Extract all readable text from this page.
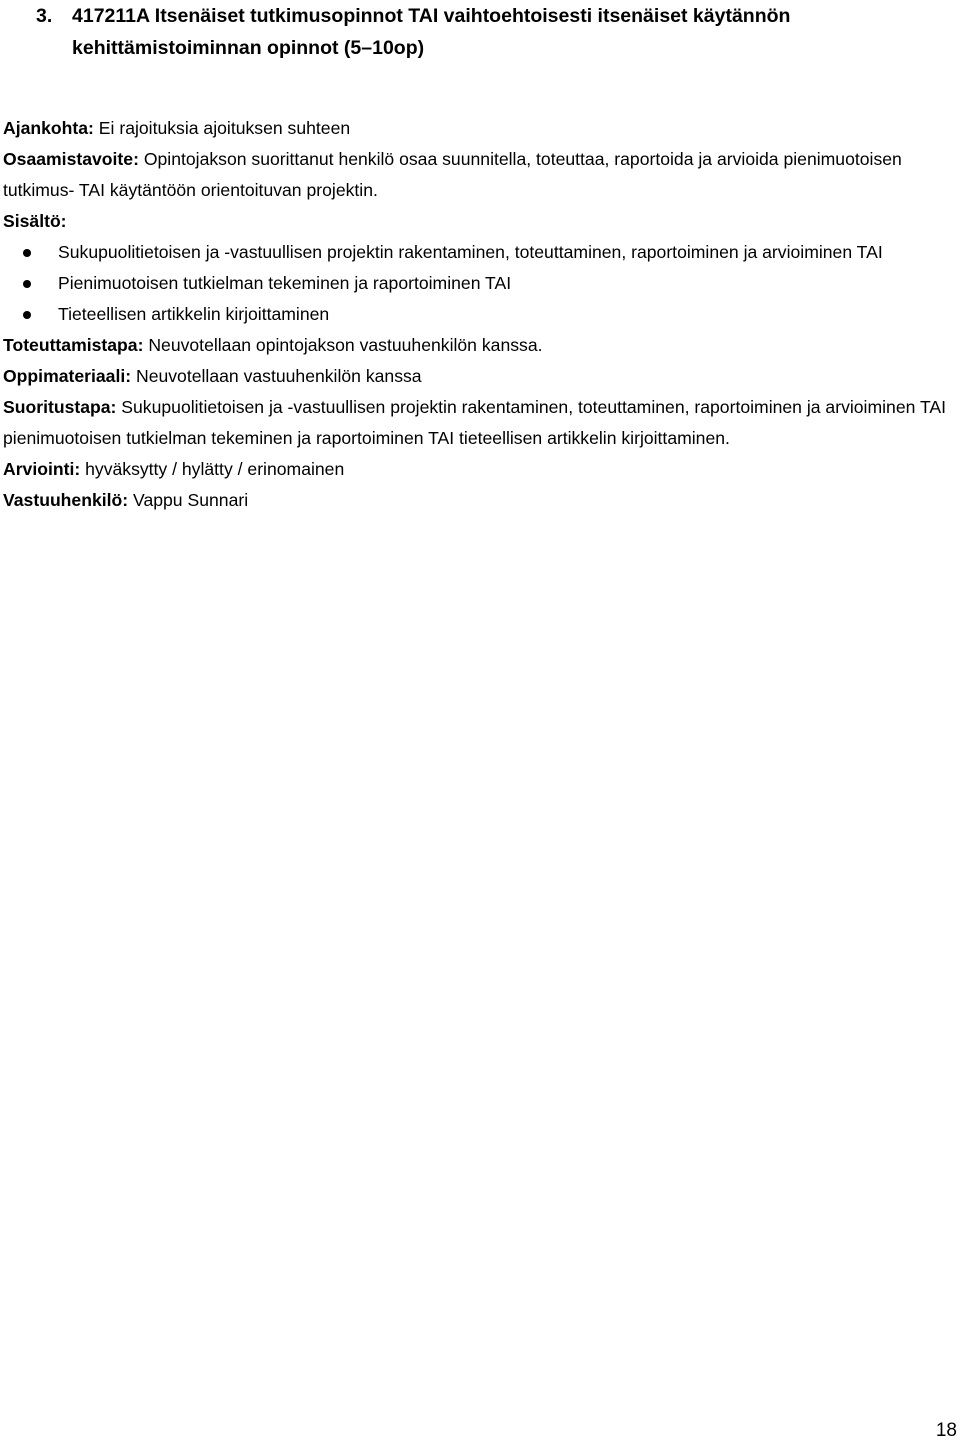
3. 417211A Itsenäiset tutkimusopinnot TAI vaihtoehtoisesti itsenäiset käytännön kehittämistoiminnan opinnot (5–10op)

Ajankohta: Ei rajoituksia ajoituksen suhteen

Osaamistavoite: Opintojakson suorittanut henkilö osaa suunnitella, toteuttaa, raportoida ja arvioida pienimuotoisen tutkimus- TAI käytäntöön orientoituvan projektin.

Sisältö:

Sukupuolitietoisen ja -vastuullisen projektin rakentaminen, toteuttaminen, raportoiminen ja arvioiminen TAI
Pienimuotoisen tutkielman tekeminen ja raportoiminen TAI
Tieteellisen artikkelin kirjoittaminen

Toteuttamistapa: Neuvotellaan opintojakson vastuuhenkilön kanssa.

Oppimateriaali: Neuvotellaan vastuuhenkilön kanssa

Suoritustapa: Sukupuolitietoisen ja -vastuullisen projektin rakentaminen, toteuttaminen, raportoiminen ja arvioiminen TAI pienimuotoisen tutkielman tekeminen ja raportoiminen TAI tieteellisen artikkelin kirjoittaminen.

Arviointi: hyväksytty / hylätty / erinomainen

Vastuuhenkilö: Vappu Sunnari

18
